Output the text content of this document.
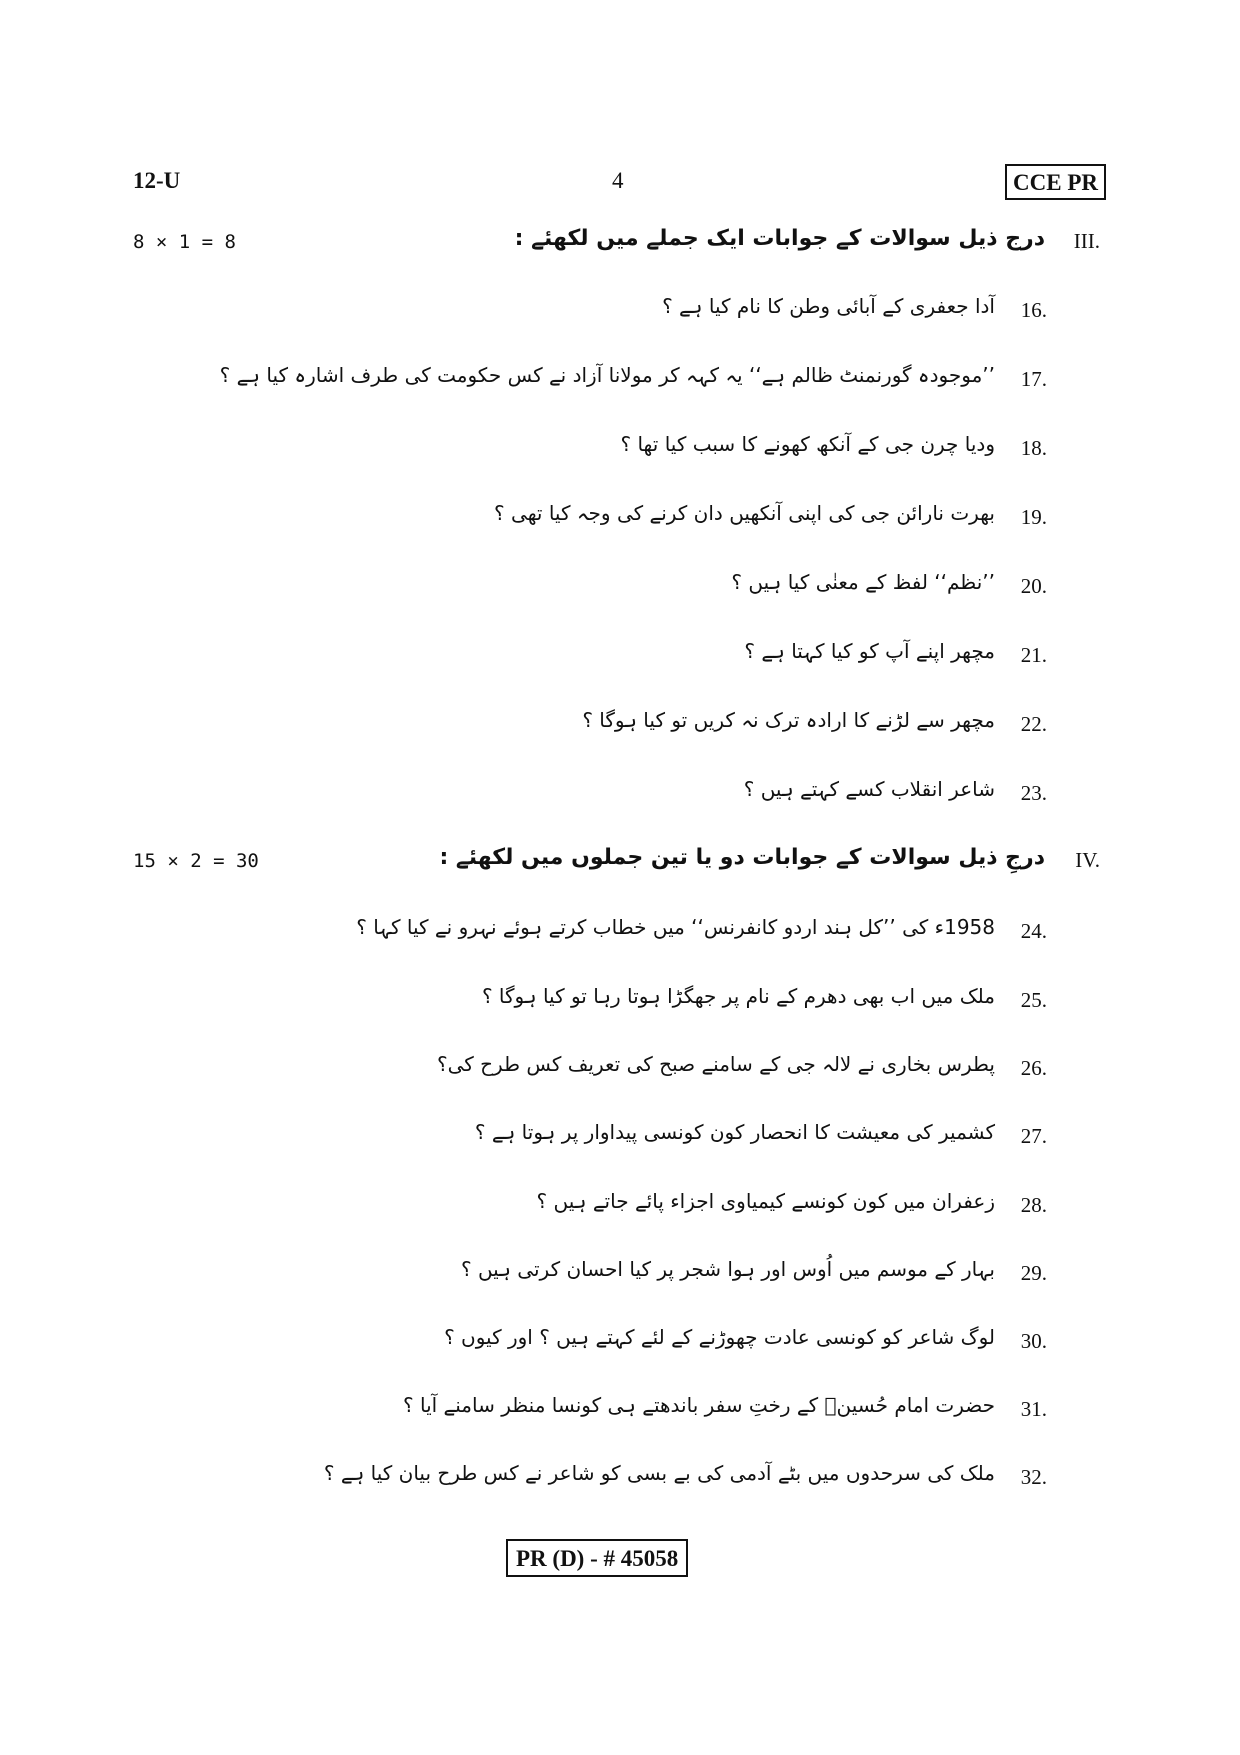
12-U	4	CCE PR
III.
درج ذیل سوالات کے جوابات ایک جملے میں لکھئے :
8 × 1 = 8
16.
آدا جعفری کے آبائی وطن کا نام کیا ہے ؟
17.
’’موجودہ گورنمنٹ ظالم ہے‘‘ یہ کہہ کر مولانا آزاد نے کس حکومت کی طرف اشارہ کیا ہے ؟
18.
ودیا چرن جی کے آنکھ کھونے کا سبب کیا تھا ؟
19.
بھرت نارائن جی کی اپنی آنکھیں دان کرنے کی وجہ کیا تھی ؟
20.
’’نظم‘‘ لفظ کے معنٰی کیا ہیں ؟
21.
مچھر اپنے آپ کو کیا کہتا ہے ؟
22.
مچھر سے لڑنے کا ارادہ ترک نہ کریں تو کیا ہوگا ؟
23.
شاعر انقلاب کسے کہتے ہیں ؟
IV.
درجِ ذیل سوالات کے جوابات دو یا تین جملوں میں لکھئے :
15 × 2 = 30
24.
1958ء کی ’’کل ہند اردو کانفرنس‘‘ میں خطاب کرتے ہوئے نہرو نے کیا کہا ؟
25.
ملک میں اب بھی دھرم کے نام پر جھگڑا ہوتا رہا تو کیا ہوگا ؟
26.
پطرس بخاری نے لالہ جی کے سامنے صبح کی تعریف کس طرح کی؟
27.
کشمیر کی معیشت کا انحصار کون کونسی پیداوار پر ہوتا ہے ؟
28.
زعفران میں کون کونسے کیمیاوی اجزاء پائے جاتے ہیں ؟
29.
بہار کے موسم میں اُوس اور ہوا شجر پر کیا احسان کرتی ہیں ؟
30.
لوگ شاعر کو کونسی عادت چھوڑنے کے لئے کہتے ہیں ؟ اور کیوں ؟
31.
حضرت امام حُسینؓ کے رختِ سفر باندھتے ہی کونسا منظر سامنے آیا ؟
32.
ملک کی سرحدوں میں بٹے آدمی کی بے بسی کو شاعر نے کس طرح بیان کیا ہے ؟
PR (D) - # 45058
